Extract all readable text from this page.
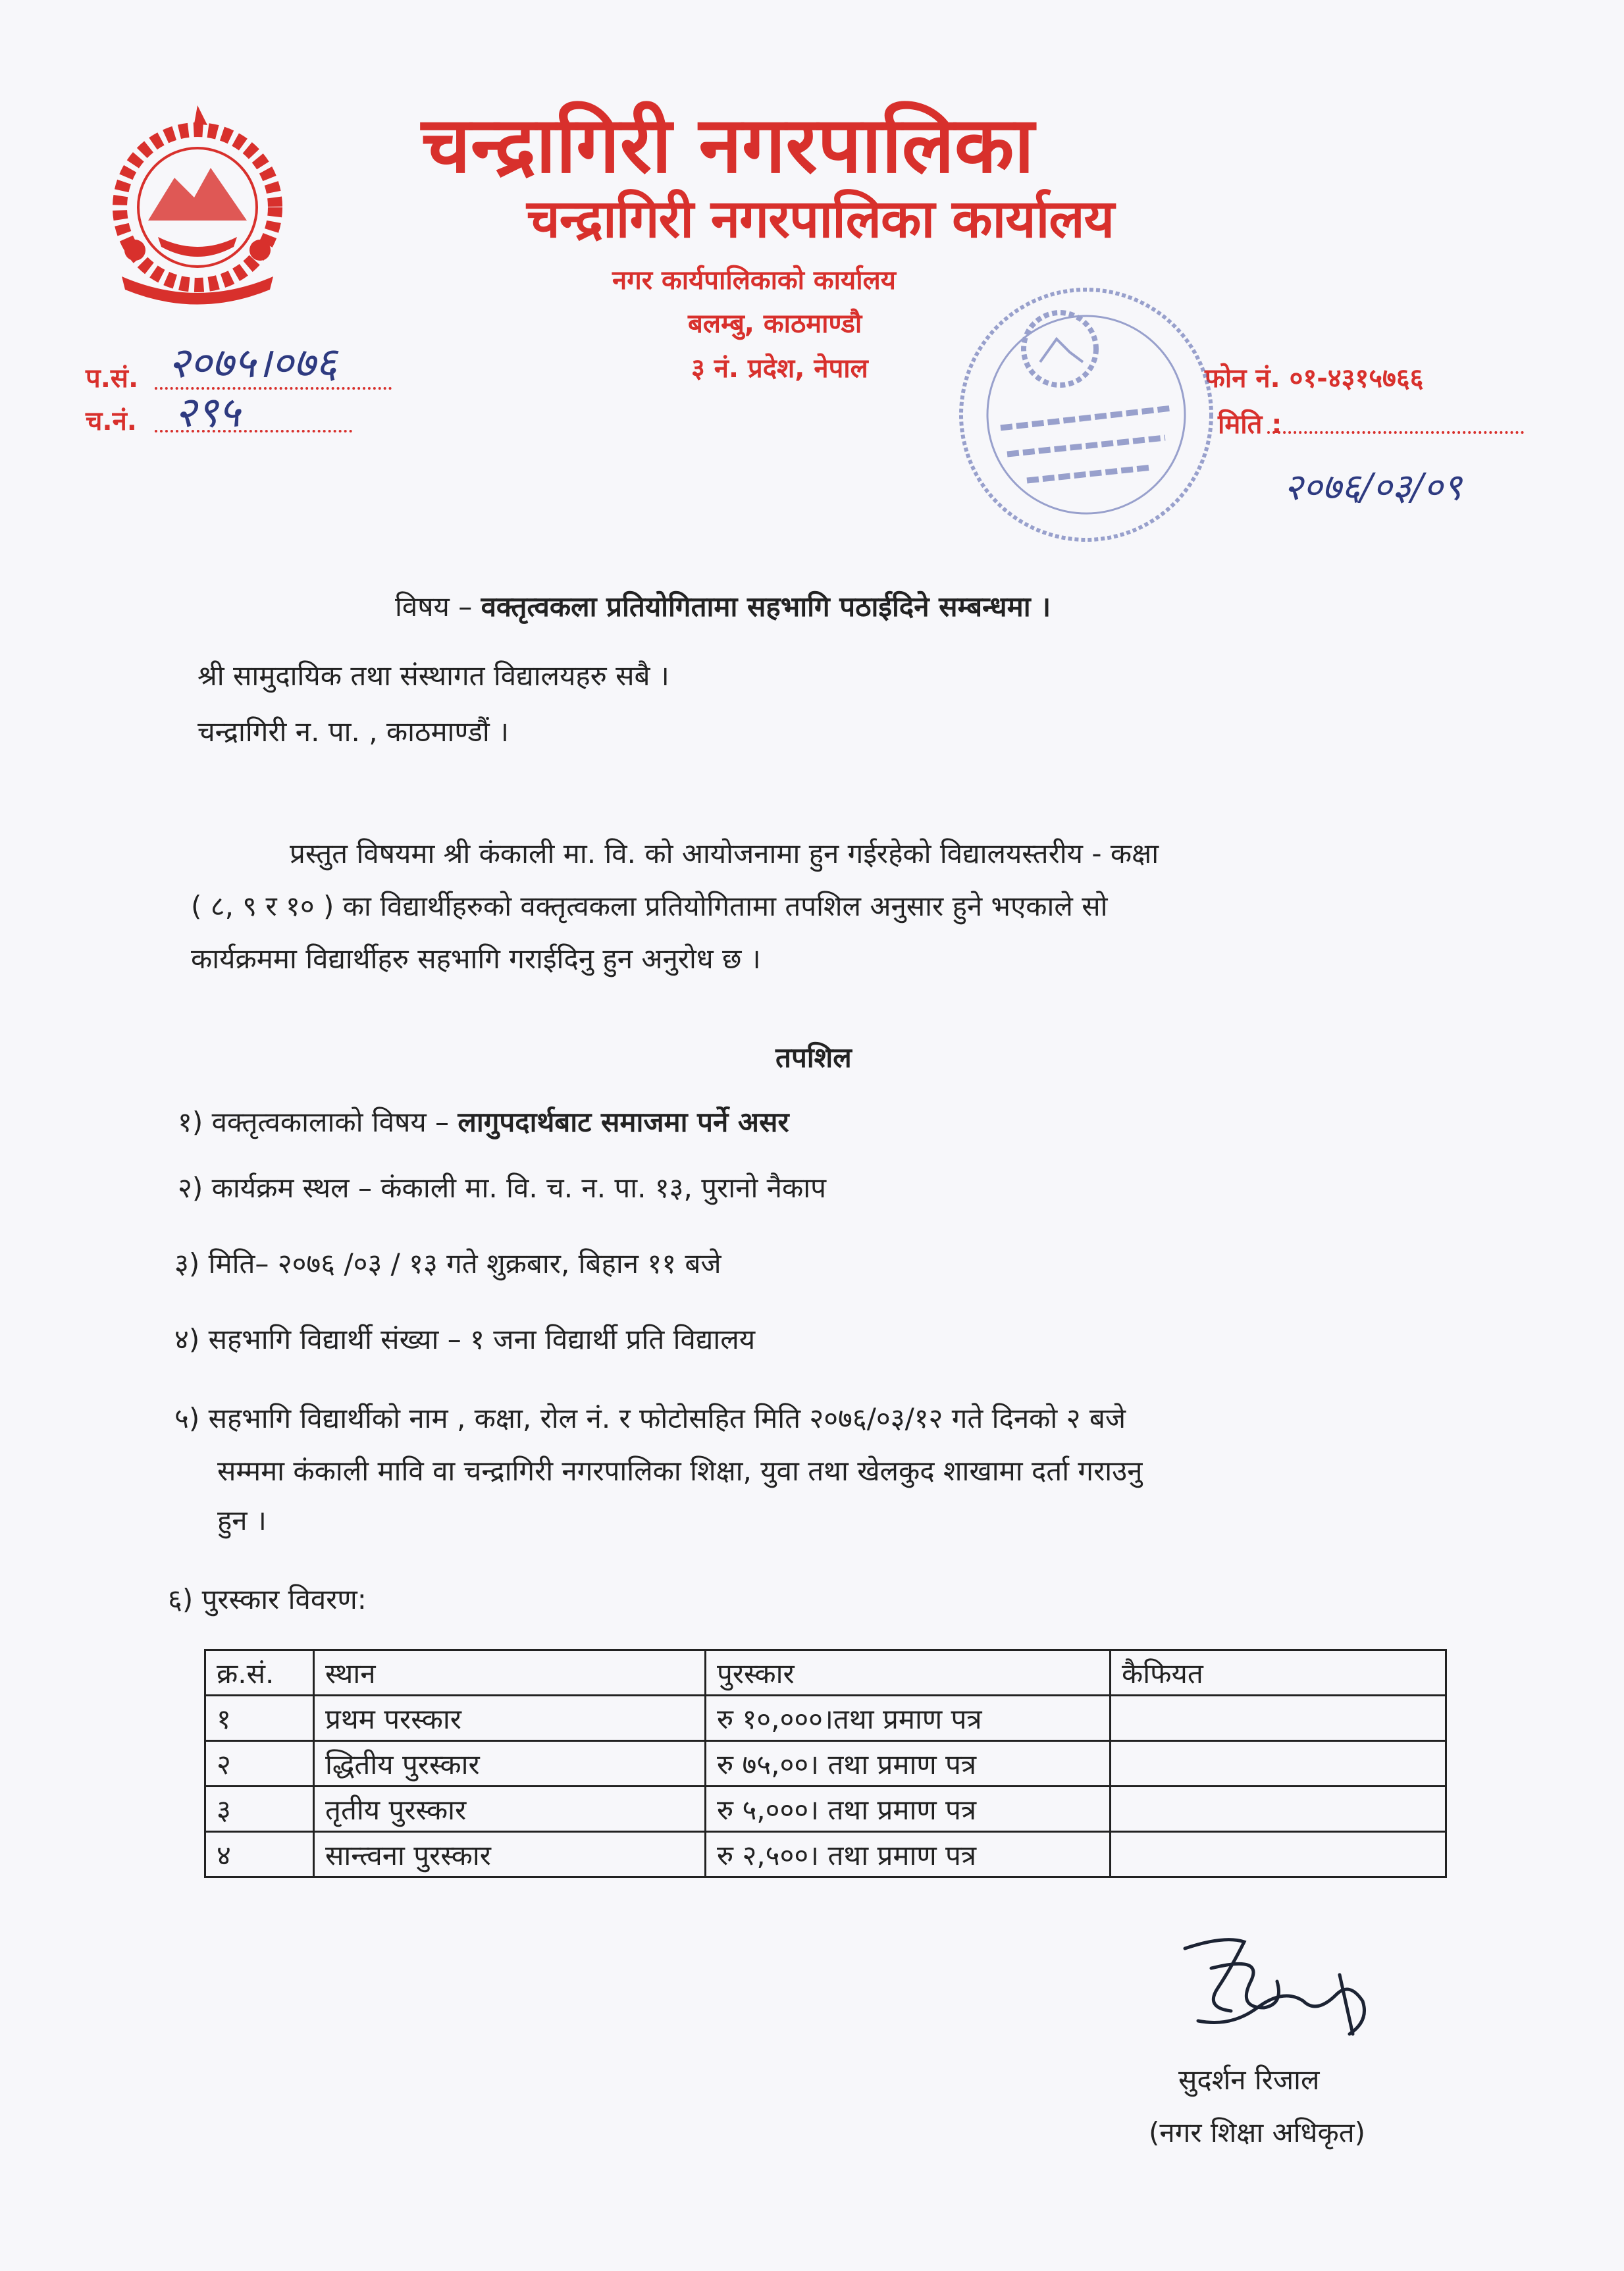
चन्द्रागिरी नगरपालिका
चन्द्रागिरी नगरपालिका कार्यालय
नगर कार्यपालिकाको कार्यालय
बलम्बु, काठमाण्डौ
३ नं. प्रदेश, नेपाल
प.सं. २०७५।०७६
च.नं. २९५
फोन नं. ०१-४३१५७६६
मिति :
२०७६/०३/०९
विषय – वक्तृत्वकला प्रतियोगितामा सहभागि पठाईदिने सम्बन्धमा ।
श्री सामुदायिक तथा संस्थागत विद्यालयहरु सबै ।
चन्द्रागिरी न. पा. , काठमाण्डौं ।
प्रस्तुत विषयमा श्री कंकाली मा. वि. को आयोजनामा हुन गईरहेको विद्यालयस्तरीय - कक्षा
( ८, ९ र १० ) का विद्यार्थीहरुको वक्तृत्वकला प्रतियोगितामा तपशिल अनुसार हुने भएकाले सो
कार्यक्रममा विद्यार्थीहरु सहभागि गराईदिनु हुन अनुरोध छ ।
तपशिल
१) वक्तृत्वकालाको विषय – लागुपदार्थबाट समाजमा पर्ने असर
२) कार्यक्रम स्थल – कंकाली मा. वि. च. न. पा. १३, पुरानो नैकाप
३) मिति– २०७६ /०३ / १३ गते शुक्रबार, बिहान ११ बजे
४) सहभागि विद्यार्थी संख्या – १ जना विद्यार्थी प्रति विद्यालय
५) सहभागि विद्यार्थीको नाम , कक्षा, रोल नं. र फोटोसहित मिति २०७६/०३/१२ गते दिनको २ बजे
सम्ममा कंकाली मावि वा चन्द्रागिरी नगरपालिका शिक्षा, युवा तथा खेलकुद शाखामा दर्ता गराउनु
हुन ।
६) पुरस्कार विवरण:
क्र.सं.	स्थान	पुरस्कार	कैफियत
१	प्रथम परस्कार	रु १०,०००।तथा प्रमाण पत्र	
२	द्धितीय पुरस्कार	रु ७५,००। तथा प्रमाण पत्र	
३	तृतीय पुरस्कार	रु ५,०००। तथा प्रमाण पत्र	
४	सान्त्वना पुरस्कार	रु २,५००। तथा प्रमाण पत्र	
सुदर्शन रिजाल
(नगर शिक्षा अधिकृत)
